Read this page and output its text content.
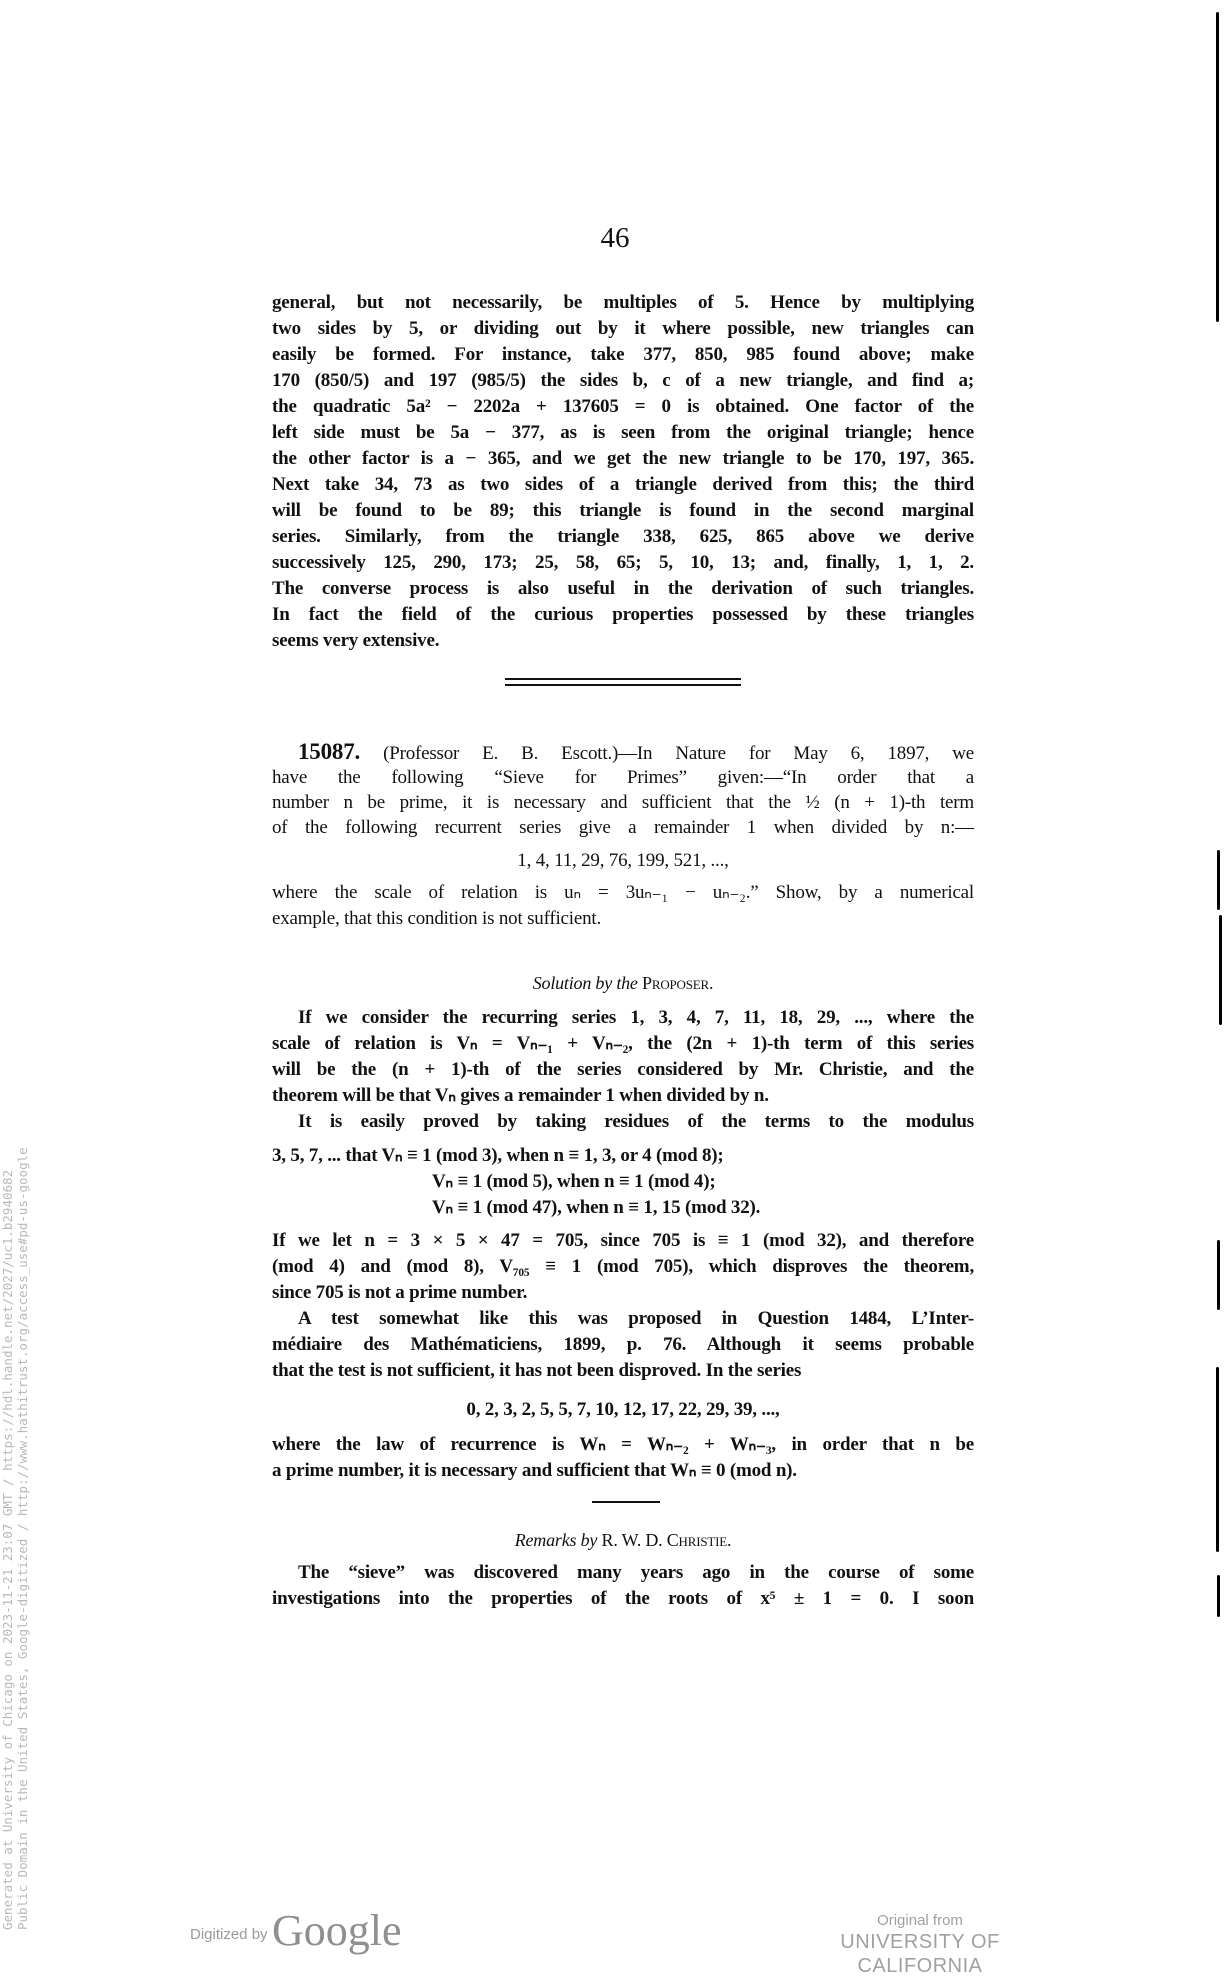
Generated at University of Chicago on 2023-11-21 23:07 GMT / https://hdl.handle.net/2027/uc1.b2940682 Public Domain in the United States, Google-digitized / http://www.hathitrust.org/access_use#pd-us-google
46
general, but not necessarily, be multiples of 5. Hence by multiplying
two sides by 5, or dividing out by it where possible, new triangles can
easily be formed. For instance, take 377, 850, 985 found above; make
170 (850/5) and 197 (985/5) the sides b, c of a new triangle, and find a;
the quadratic 5a² − 2202a + 137605 = 0 is obtained. One factor of the
left side must be 5a − 377, as is seen from the original triangle; hence
the other factor is a − 365, and we get the new triangle to be 170, 197, 365.
Next take 34, 73 as two sides of a triangle derived from this; the third
will be found to be 89; this triangle is found in the second marginal
series. Similarly, from the triangle 338, 625, 865 above we derive
successively 125, 290, 173; 25, 58, 65; 5, 10, 13; and, finally, 1, 1, 2.
The converse process is also useful in the derivation of such triangles.
In fact the field of the curious properties possessed by these triangles
seems very extensive.
15087. (Professor E. B. Escott.)—In Nature for May 6, 1897, we
have the following “Sieve for Primes” given:—“In order that a
number n be prime, it is necessary and sufficient that the ½ (n + 1)-th term
of the following recurrent series give a remainder 1 when divided by n:—
1, 4, 11, 29, 76, 199, 521, ...,
where the scale of relation is uₙ = 3uₙ₋₁ − uₙ₋₂.” Show, by a numerical
example, that this condition is not sufficient.
Solution by the Proposer.
If we consider the recurring series 1, 3, 4, 7, 11, 18, 29, ..., where the
scale of relation is Vₙ = Vₙ₋₁ + Vₙ₋₂, the (2n + 1)-th term of this series
will be the (n + 1)-th of the series considered by Mr. Christie, and the
theorem will be that Vₙ gives a remainder 1 when divided by n.
It is easily proved by taking residues of the terms to the modulus
3, 5, 7, ... that Vₙ ≡ 1 (mod 3), when n ≡ 1, 3, or 4 (mod 8);
Vₙ ≡ 1 (mod 5), when n ≡ 1 (mod 4);
Vₙ ≡ 1 (mod 47), when n ≡ 1, 15 (mod 32).
If we let n = 3 × 5 × 47 = 705, since 705 is ≡ 1 (mod 32), and therefore
(mod 4) and (mod 8), V₇₀₅ ≡ 1 (mod 705), which disproves the theorem,
since 705 is not a prime number.
A test somewhat like this was proposed in Question 1484, L’Inter-
médiaire des Mathématiciens, 1899, p. 76. Although it seems probable
that the test is not sufficient, it has not been disproved. In the series
0, 2, 3, 2, 5, 5, 7, 10, 12, 17, 22, 29, 39, ...,
where the law of recurrence is Wₙ = Wₙ₋₂ + Wₙ₋₃, in order that n be
a prime number, it is necessary and sufficient that Wₙ ≡ 0 (mod n).
Remarks by R. W. D. Christie.
The “sieve” was discovered many years ago in the course of some
investigations into the properties of the roots of x⁵ ± 1 = 0. I soon
Digitized by Google	Original from
UNIVERSITY OF CALIFORNIA
